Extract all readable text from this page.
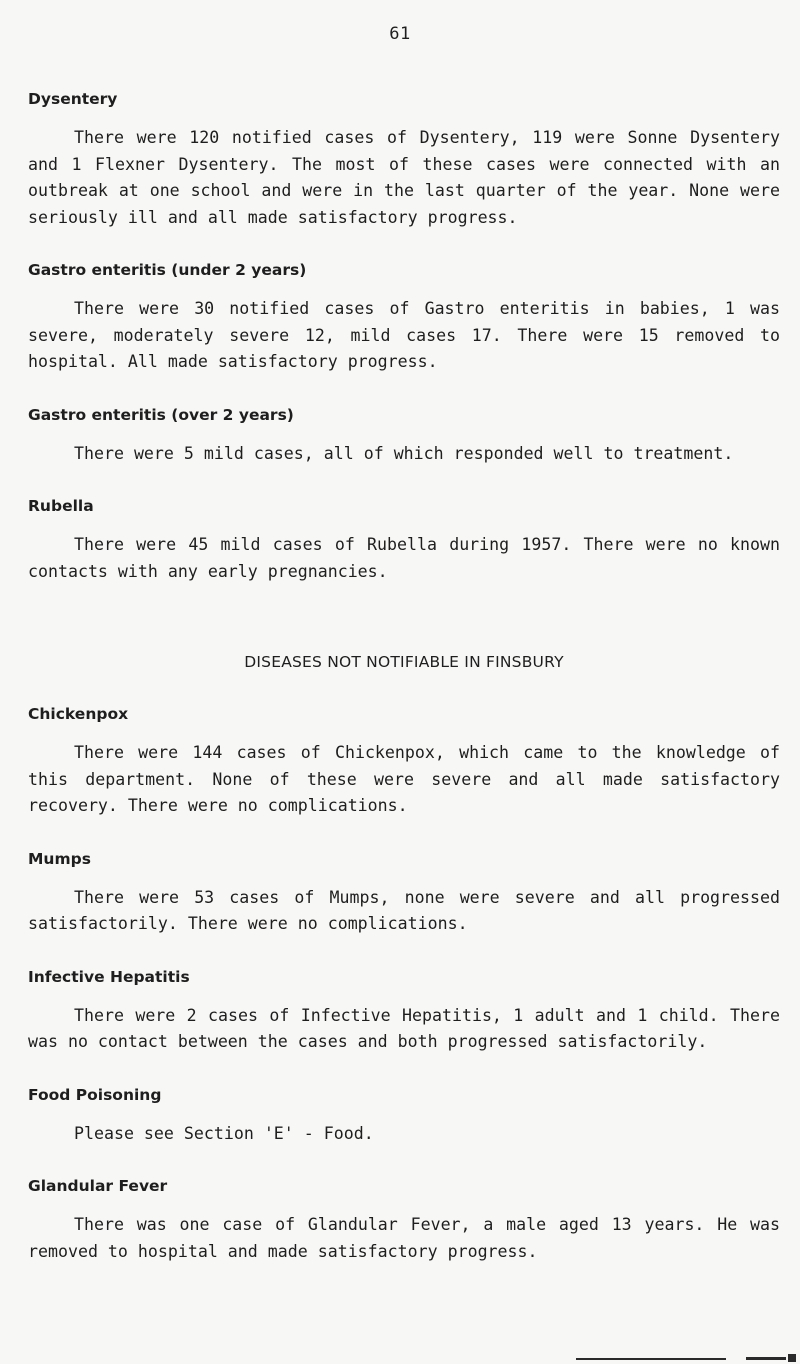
61
Dysentery

There were 120 notified cases of Dysentery, 119 were Sonne Dysentery and 1 Flexner Dysentery. The most of these cases were connected with an outbreak at one school and were in the last quarter of the year. None were seriously ill and all made satisfactory progress.

Gastro enteritis (under 2 years)

There were 30 notified cases of Gastro enteritis in babies, 1 was severe, moderately severe 12, mild cases 17. There were 15 removed to hospital. All made satisfactory progress.

Gastro enteritis (over 2 years)

There were 5 mild cases, all of which responded well to treatment.

Rubella

There were 45 mild cases of Rubella during 1957. There were no known contacts with any early pregnancies.

DISEASES NOT NOTIFIABLE IN FINSBURY
Chickenpox

There were 144 cases of Chickenpox, which came to the knowledge of this department. None of these were severe and all made satisfactory recovery. There were no complications.

Mumps

There were 53 cases of Mumps, none were severe and all progressed satisfactorily. There were no complications.

Infective Hepatitis

There were 2 cases of Infective Hepatitis, 1 adult and 1 child. There was no contact between the cases and both progressed satisfactorily.

Food Poisoning

Please see Section 'E' - Food.

Glandular Fever

There was one case of Glandular Fever, a male aged 13 years. He was removed to hospital and made satisfactory progress.
